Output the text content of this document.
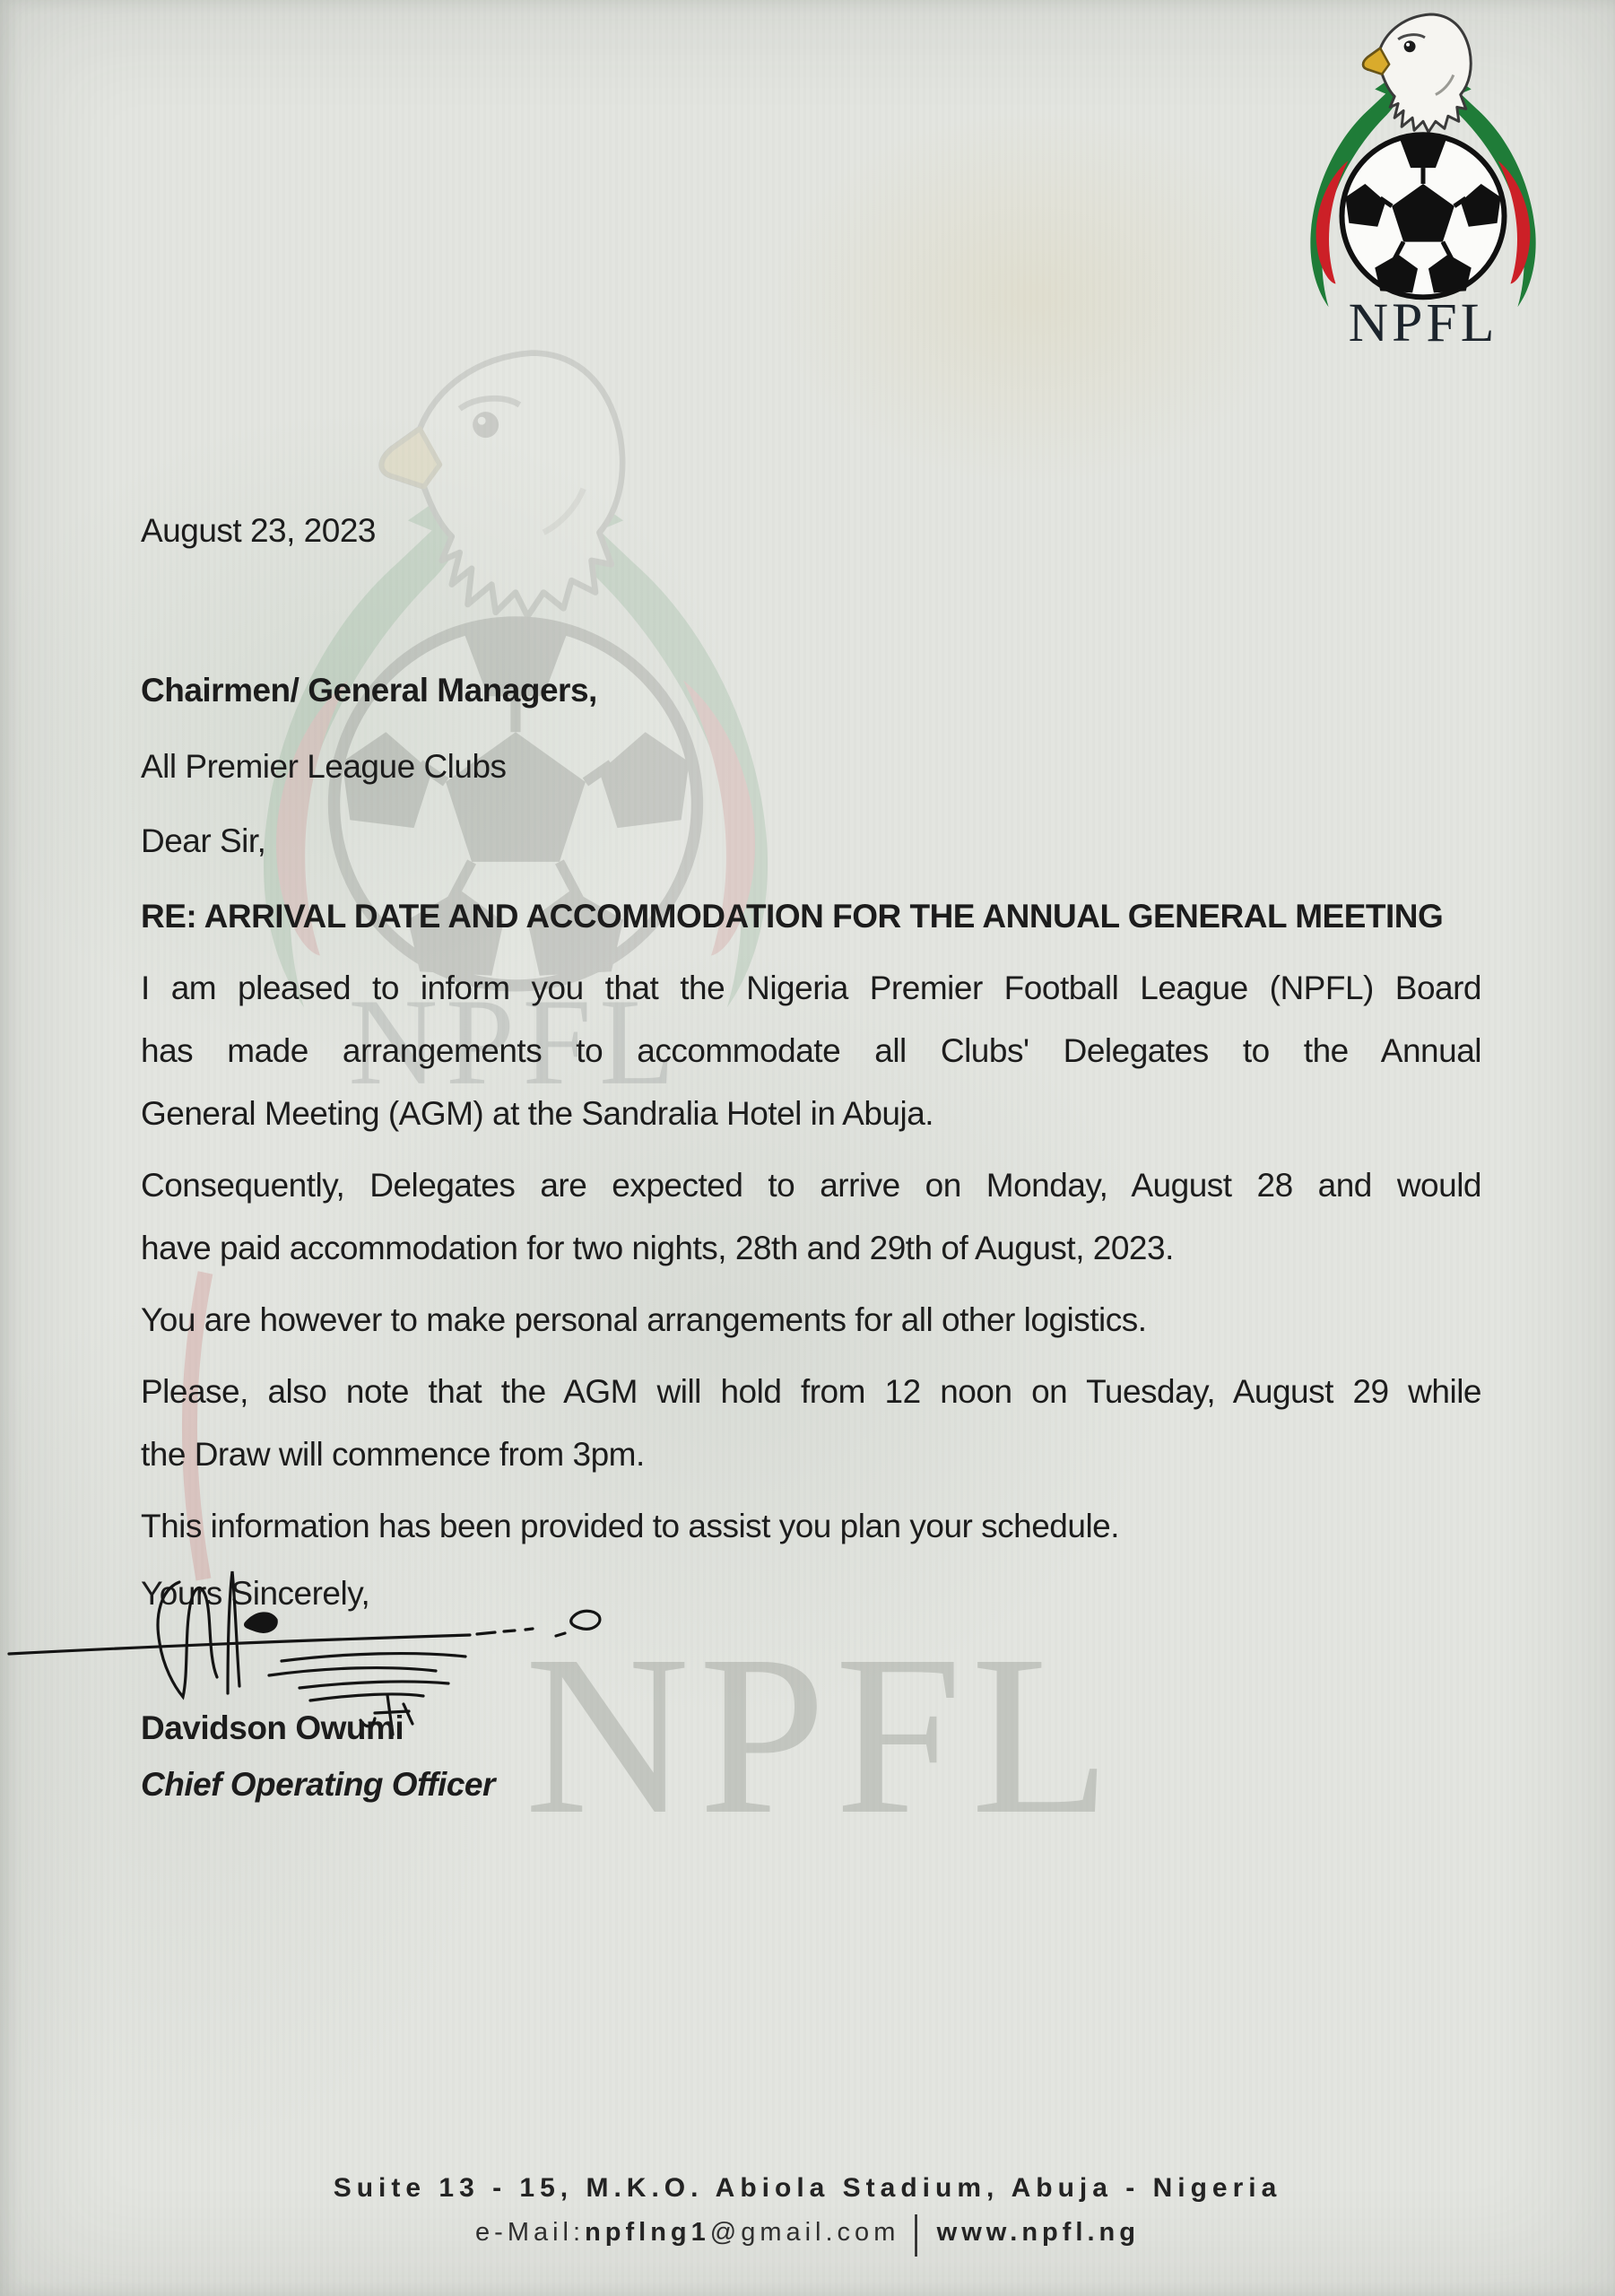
NPFL
August 23, 2023
Chairmen/ General Managers,
All Premier League Clubs
Dear Sir,
RE: ARRIVAL DATE AND ACCOMMODATION FOR THE ANNUAL GENERAL MEETING
I am pleased to inform you that the Nigeria Premier Football League (NPFL) Board
has made arrangements to accommodate all Clubs' Delegates to the Annual
General Meeting (AGM) at the Sandralia Hotel in Abuja.
Consequently, Delegates are expected to arrive on Monday, August 28 and would
have paid accommodation for two nights, 28th and 29th of August, 2023.
You are however to make personal arrangements for all other logistics.
Please, also note that the AGM will hold from 12 noon on Tuesday, August 29 while
the Draw will commence from 3pm.
This information has been provided to assist you plan your schedule.
Yours Sincerely,
Davidson Owumi
Chief Operating Officer
Suite 13 - 15, M.K.O. Abiola Stadium, Abuja - Nigeria
e-Mail:npflng1@gmail.com | www.npfl.ng
